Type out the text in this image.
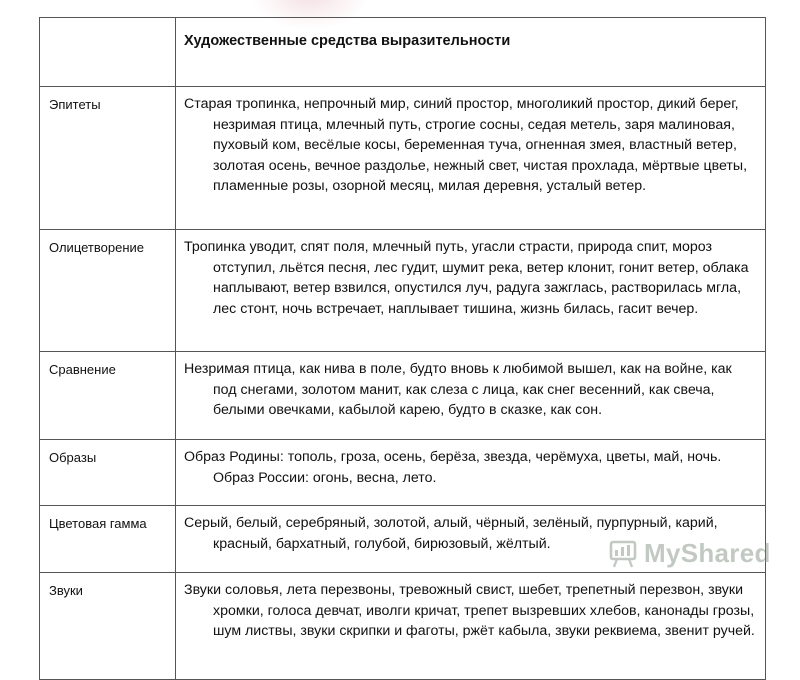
	Художественные средства выразительности
Эпитеты	Старая тропинка, непрочный мир, синий простор, многоликий простор, дикий берег, незримая птица, млечный путь, строгие сосны, седая метель, заря малиновая, пуховый ком, весёлые косы, беременная туча, огненная змея, властный ветер, золотая осень, вечное раздолье, нежный свет, чистая прохлада, мёртвые цветы, пламенные розы, озорной месяц, милая деревня, усталый ветер.

Олицетворение	Тропинка уводит, спят поля, млечный путь, угасли страсти, природа спит, мороз отступил, льётся песня, лес гудит, шумит река, ветер клонит, гонит ветер, облака наплывают, ветер взвился, опустился луч, радуга зажглась, растворилась мгла, лес стонт, ночь встречает, наплывает тишина, жизнь билась, гасит вечер.

Сравнение	Незримая птица, как нива в поле, будто вновь к любимой вышел, как на войне, как под снегами, золотом манит, как слеза с лица, как снег весенний, как свеча, белыми овечками, кабылой карею, будто в сказке, как сон.

Образы	Образ Родины: тополь, гроза, осень, берёза, звезда, черёмуха, цветы, май, ночь. Образ России: огонь, весна, лето.

Цветовая гамма	Серый, белый, серебряный, золотой, алый, чёрный, зелёный, пурпурный, карий, красный, бархатный, голубой, бирюзовый, жёлтый.

Звуки	Звуки соловья, лета перезвоны, тревожный свист, шебет, трепетный перезвон, звуки хромки, голоса девчат, иволги кричат, трепет вызревших хлебов, канонады грозы, шум листвы, звуки скрипки и фаготы, ржёт кабыла, звуки реквиема, звенит ручей.
MyShared
